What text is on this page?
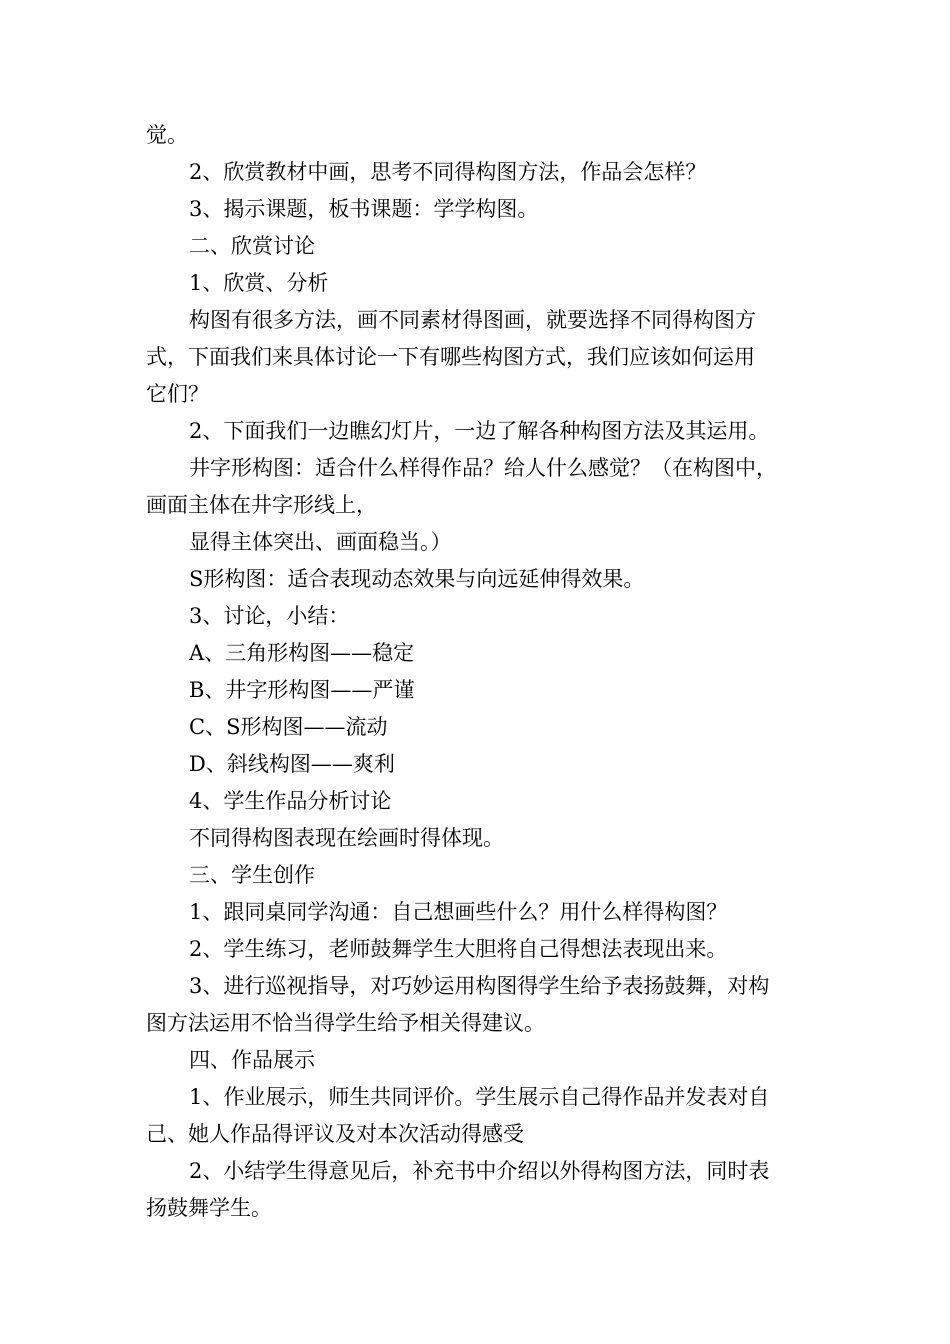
觉。
2、欣赏教材中画，思考不同得构图方法，作品会怎样？
3、揭示课题，板书课题：学学构图。
二、欣赏讨论
1、欣赏、分析
构图有很多方法，画不同素材得图画，就要选择不同得构图方
式，下面我们来具体讨论一下有哪些构图方式，我们应该如何运用
它们？
2、下面我们一边瞧幻灯片，一边了解各种构图方法及其运用。
井字形构图：适合什么样得作品？给人什么感觉？（在构图中，
画面主体在井字形线上，
显得主体突出、画面稳当。）
S形构图：适合表现动态效果与向远延伸得效果。
3、讨论，小结：
A、三角形构图——稳定
B、井字形构图——严谨
C、S形构图——流动
D、斜线构图——爽利
4、学生作品分析讨论
不同得构图表现在绘画时得体现。
三、学生创作
1、跟同桌同学沟通：自己想画些什么？用什么样得构图？
2、学生练习，老师鼓舞学生大胆将自己得想法表现出来。
3、进行巡视指导，对巧妙运用构图得学生给予表扬鼓舞，对构
图方法运用不恰当得学生给予相关得建议。
四、作品展示
1、作业展示，师生共同评价。学生展示自己得作品并发表对自
己、她人作品得评议及对本次活动得感受
2、小结学生得意见后，补充书中介绍以外得构图方法，同时表
扬鼓舞学生。
